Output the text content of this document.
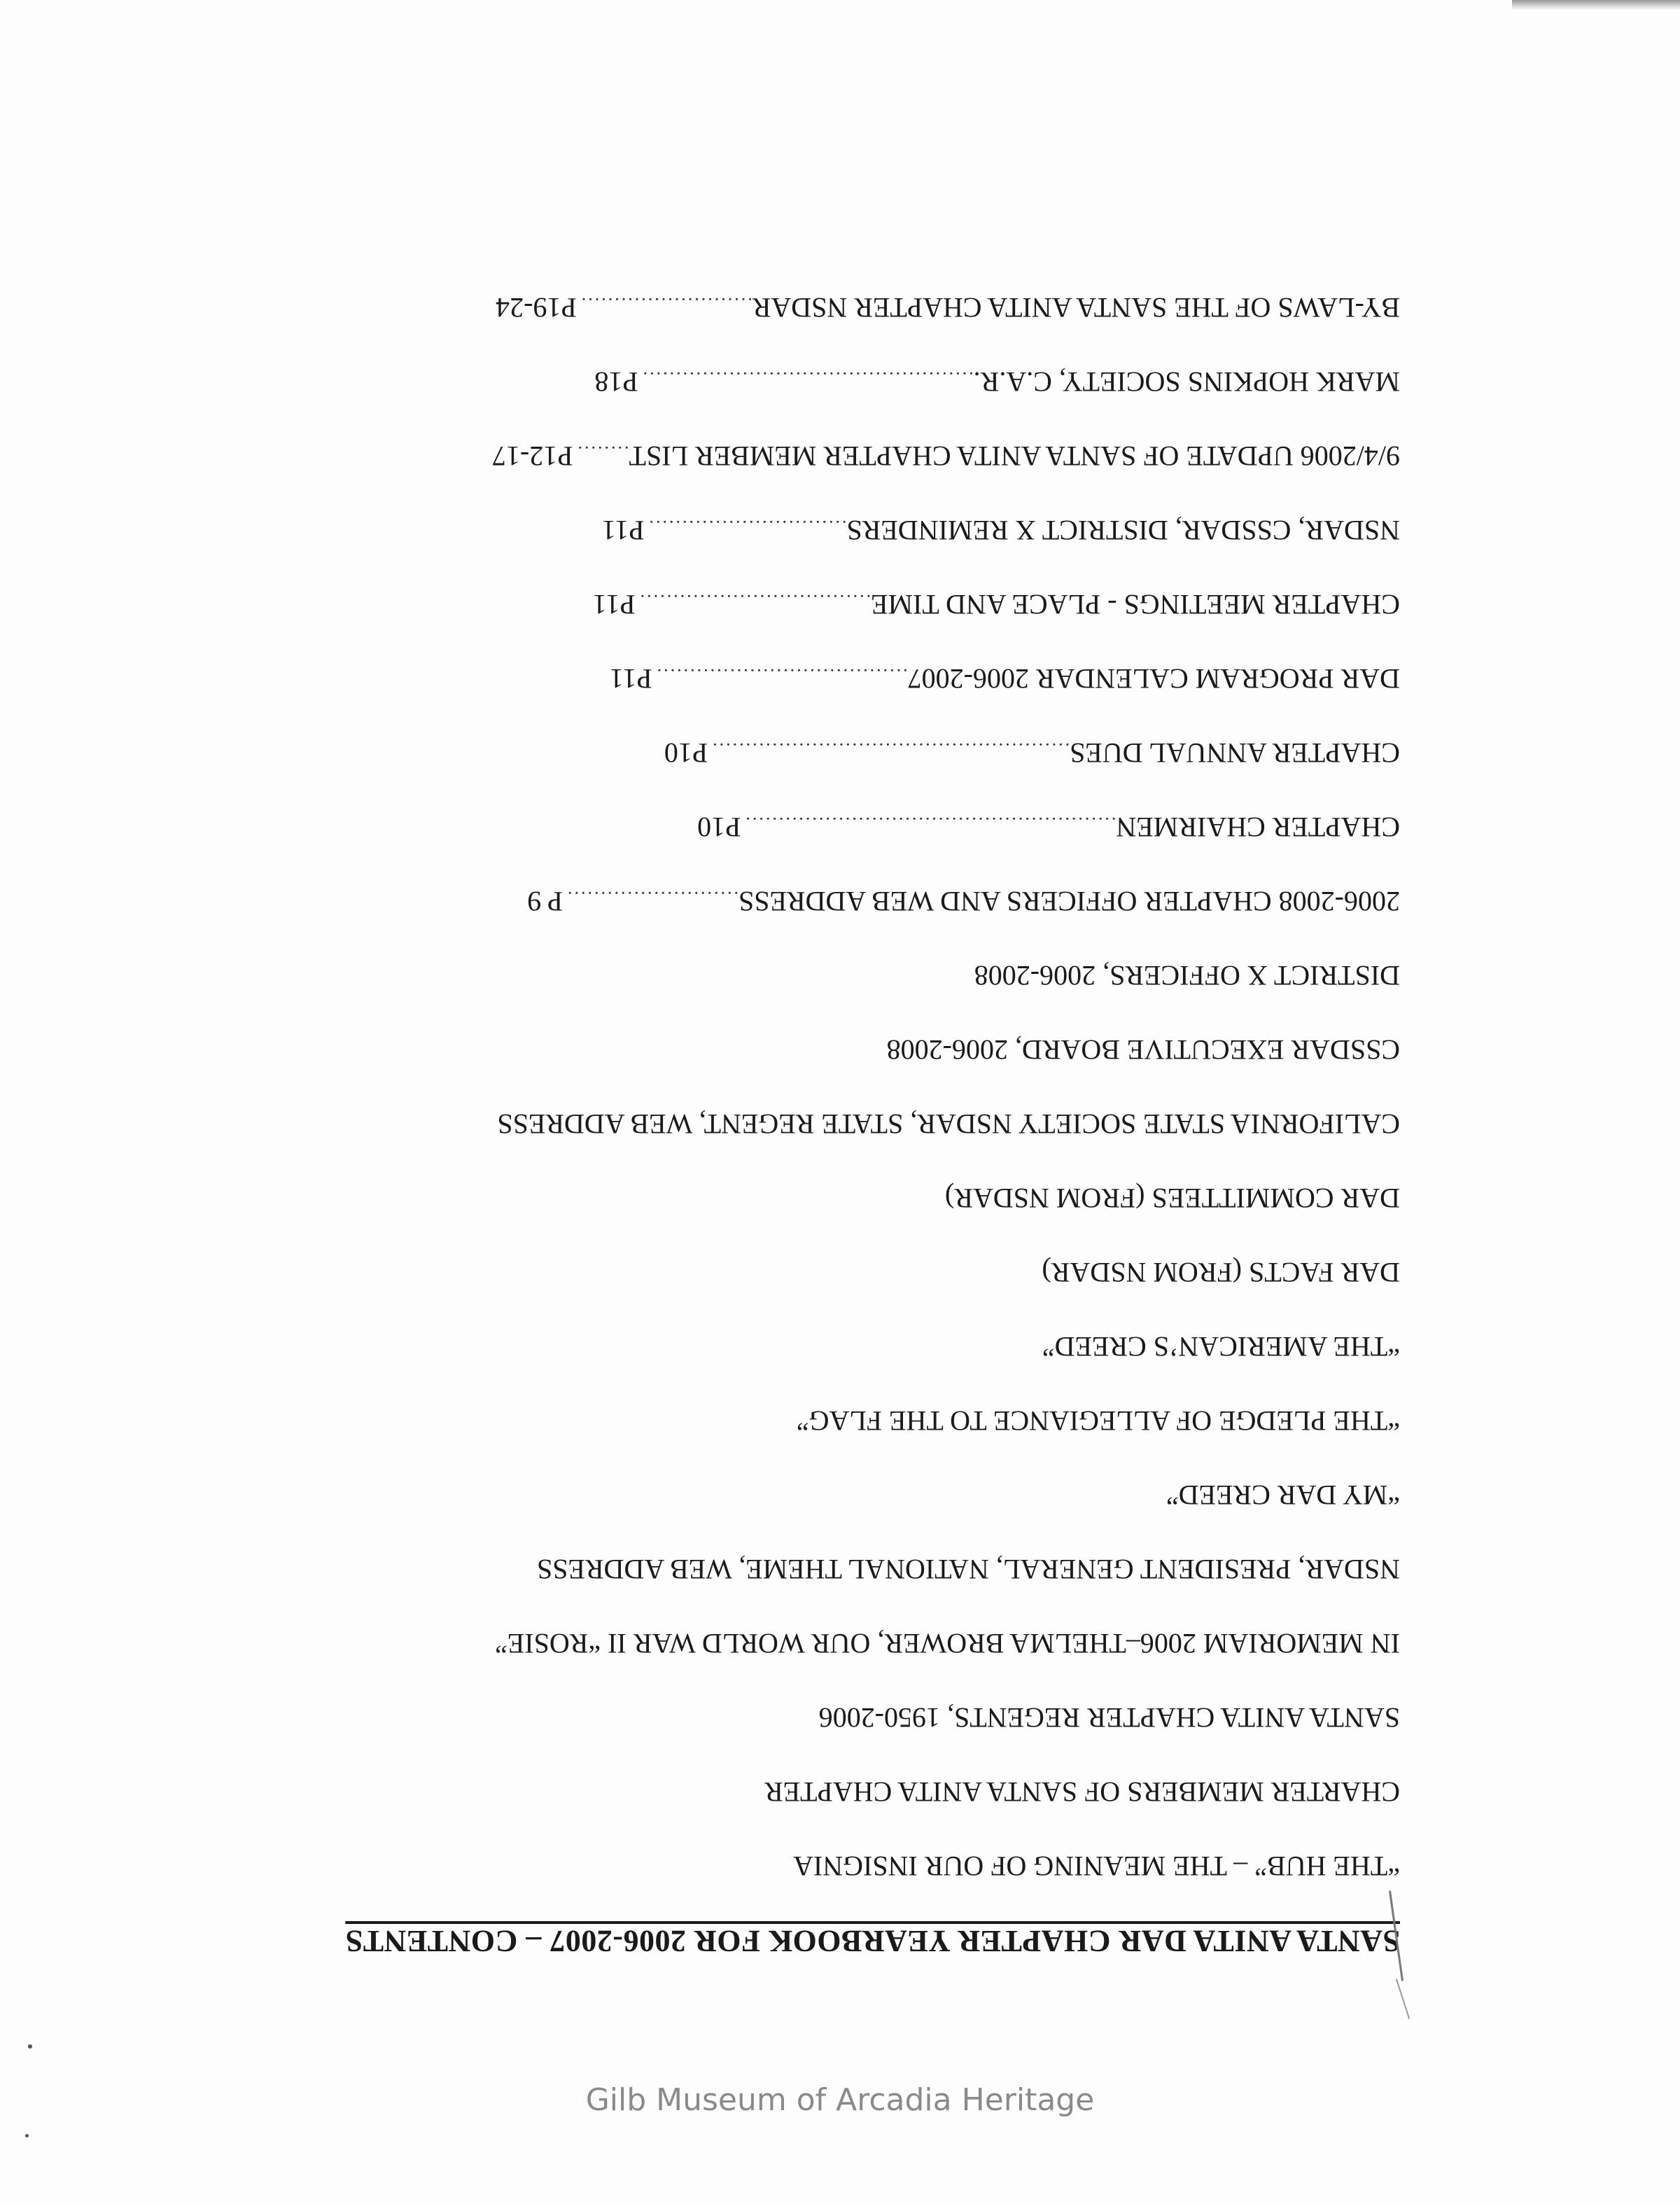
SANTA ANITA DAR CHAPTER YEARBOOK FOR 2006-2007 – CONTENTS
“THE HUB” – THE MEANING OF OUR INSIGNIA
CHARTER MEMBERS OF SANTA ANITA CHAPTER
SANTA ANITA CHAPTER REGENTS, 1950-2006
IN MEMORIAM 2006–THELMA BROWER, OUR WORLD WAR II “ROSIE”
NSDAR, PRESIDENT GENERAL, NATIONAL THEME, WEB ADDRESS
“MY DAR CREED”
“THE PLEDGE OF ALLEGIANCE TO THE FLAG”
“THE AMERICAN’S CREED”
DAR FACTS (FROM NSDAR)
DAR COMMITTEES (FROM NSDAR)
CALIFORNIA STATE SOCIETY NSDAR, STATE REGENT, WEB ADDRESS
CSSDAR EXECUTIVE BOARD, 2006-2008
DISTRICT X OFFICERS, 2006-2008
2006-2008 CHAPTER OFFICERS AND WEB ADDRESS
..........................
P 9
CHAPTER CHAIRMEN
........................................................
P10
CHAPTER ANNUAL DUES
......................................................
P10
DAR PROGRAM CALENDAR 2006-2007
......................................
P11
CHAPTER MEETINGS - PLACE AND TIME
...................................
P11
NSDAR, CSSDAR, DISTRICT X REMINDERS
..............................
P11
9/4/2006 UPDATE OF SANTA ANITA CHAPTER MEMBER LIST
........
P12-17
MARK HOPKINS SOCIETY, C.A.R.
..................................................
P18
BY-LAWS OF THE SANTA ANITA CHAPTER NSDAR
..........................
P19-24
Gilb Museum of Arcadia Heritage
